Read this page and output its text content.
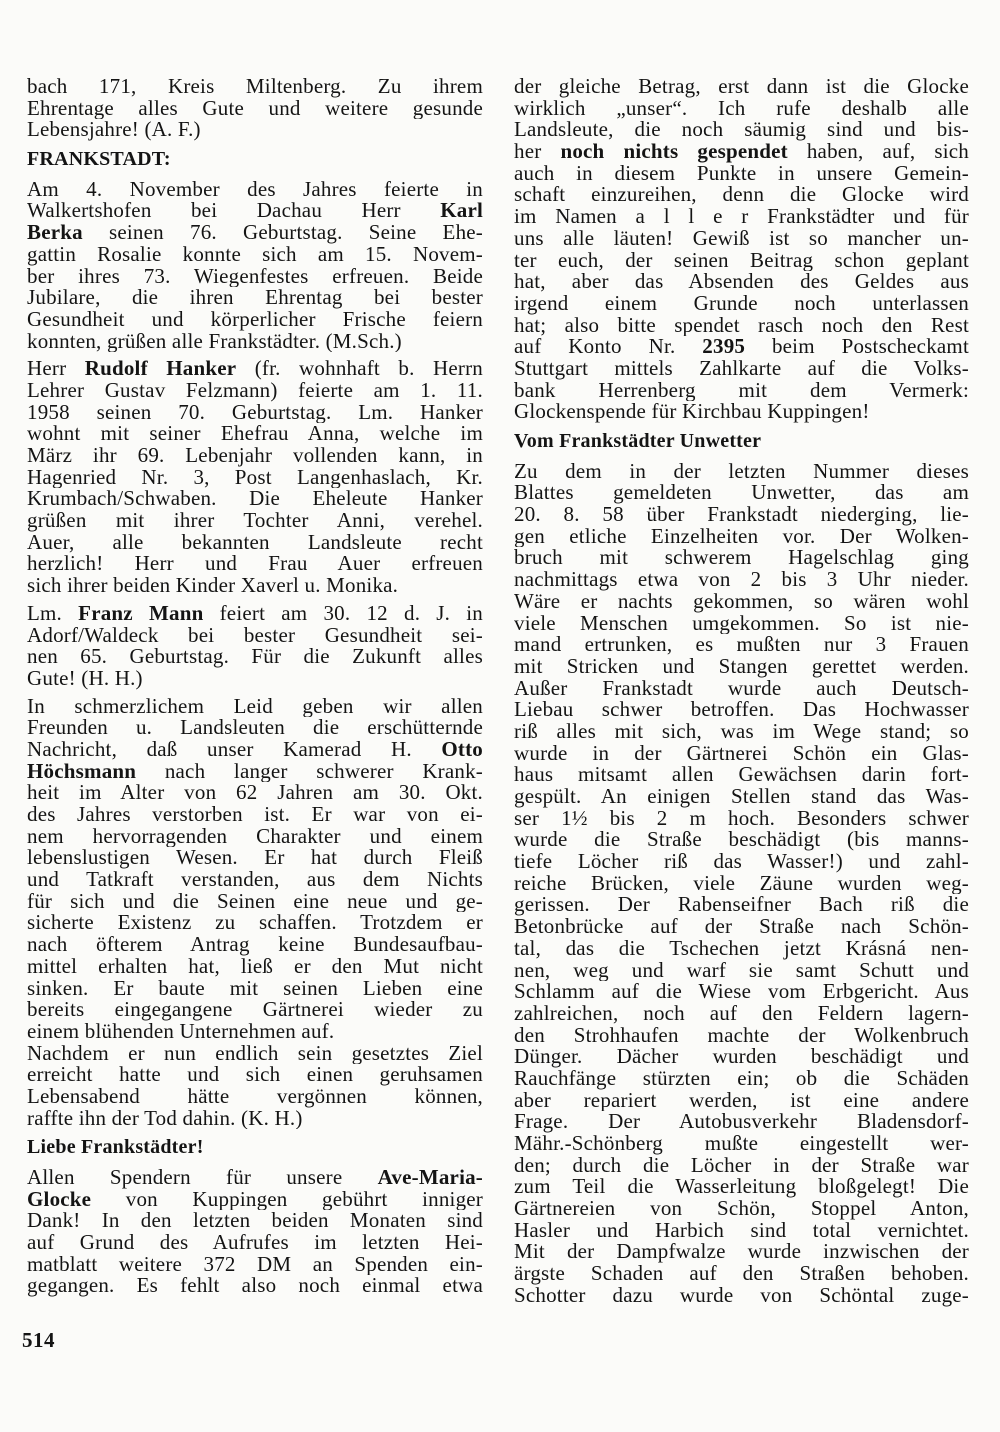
bach 171, Kreis Miltenberg. Zu ihrem
Ehrentage alles Gute und weitere gesunde
Lebensjahre! (A. F.)
FRANKSTADT:
Am 4. November des Jahres feierte in
Walkertshofen bei Dachau Herr Karl
Berka seinen 76. Geburtstag. Seine Ehe-
gattin Rosalie konnte sich am 15. Novem-
ber ihres 73. Wiegenfestes erfreuen. Beide
Jubilare, die ihren Ehrentag bei bester
Gesundheit und körperlicher Frische feiern
konnten, grüßen alle Frankstädter. (M.Sch.)
Herr Rudolf Hanker (fr. wohnhaft b. Herrn
Lehrer Gustav Felzmann) feierte am 1. 11.
1958 seinen 70. Geburtstag. Lm. Hanker
wohnt mit seiner Ehefrau Anna, welche im
März ihr 69. Lebenjahr vollenden kann, in
Hagenried Nr. 3, Post Langenhaslach, Kr.
Krumbach/Schwaben. Die Eheleute Hanker
grüßen mit ihrer Tochter Anni, verehel.
Auer, alle bekannten Landsleute recht
herzlich! Herr und Frau Auer erfreuen
sich ihrer beiden Kinder Xaverl u. Monika.
Lm. Franz Mann feiert am 30. 12 d. J. in
Adorf/Waldeck bei bester Gesundheit sei-
nen 65. Geburtstag. Für die Zukunft alles
Gute! (H. H.)
In schmerzlichem Leid geben wir allen
Freunden u. Landsleuten die erschütternde
Nachricht, daß unser Kamerad H. Otto
Höchsmann nach langer schwerer Krank-
heit im Alter von 62 Jahren am 30. Okt.
des Jahres verstorben ist. Er war von ei-
nem hervorragenden Charakter und einem
lebenslustigen Wesen. Er hat durch Fleiß
und Tatkraft verstanden, aus dem Nichts
für sich und die Seinen eine neue und ge-
sicherte Existenz zu schaffen. Trotzdem er
nach öfterem Antrag keine Bundesaufbau-
mittel erhalten hat, ließ er den Mut nicht
sinken. Er baute mit seinen Lieben eine
bereits eingegangene Gärtnerei wieder zu
einem blühenden Unternehmen auf.
Nachdem er nun endlich sein gesetztes Ziel
erreicht hatte und sich einen geruhsamen
Lebensabend hätte vergönnen können,
raffte ihn der Tod dahin. (K. H.)
Liebe Frankstädter!
Allen Spendern für unsere Ave-Maria-
Glocke von Kuppingen gebührt inniger
Dank! In den letzten beiden Monaten sind
auf Grund des Aufrufes im letzten Hei-
matblatt weitere 372 DM an Spenden ein-
gegangen. Es fehlt also noch einmal etwa
der gleiche Betrag, erst dann ist die Glocke
wirklich „unser“. Ich rufe deshalb alle
Landsleute, die noch säumig sind und bis-
her noch nichts gespendet haben, auf, sich
auch in diesem Punkte in unsere Gemein-
schaft einzureihen, denn die Glocke wird
im Namen a l l e r Frankstädter und für
uns alle läuten! Gewiß ist so mancher un-
ter euch, der seinen Beitrag schon geplant
hat, aber das Absenden des Geldes aus
irgend einem Grunde noch unterlassen
hat; also bitte spendet rasch noch den Rest
auf Konto Nr. 2395 beim Postscheckamt
Stuttgart mittels Zahlkarte auf die Volks-
bank Herrenberg mit dem Vermerk:
Glockenspende für Kirchbau Kuppingen!
Vom Frankstädter Unwetter
Zu dem in der letzten Nummer dieses
Blattes gemeldeten Unwetter, das am
20. 8. 58 über Frankstadt niederging, lie-
gen etliche Einzelheiten vor. Der Wolken-
bruch mit schwerem Hagelschlag ging
nachmittags etwa von 2 bis 3 Uhr nieder.
Wäre er nachts gekommen, so wären wohl
viele Menschen umgekommen. So ist nie-
mand ertrunken, es mußten nur 3 Frauen
mit Stricken und Stangen gerettet werden.
Außer Frankstadt wurde auch Deutsch-
Liebau schwer betroffen. Das Hochwasser
riß alles mit sich, was im Wege stand; so
wurde in der Gärtnerei Schön ein Glas-
haus mitsamt allen Gewächsen darin fort-
gespült. An einigen Stellen stand das Was-
ser 1½ bis 2 m hoch. Besonders schwer
wurde die Straße beschädigt (bis manns-
tiefe Löcher riß das Wasser!) und zahl-
reiche Brücken, viele Zäune wurden weg-
gerissen. Der Rabenseifner Bach riß die
Betonbrücke auf der Straße nach Schön-
tal, das die Tschechen jetzt Krásná nen-
nen, weg und warf sie samt Schutt und
Schlamm auf die Wiese vom Erbgericht. Aus
zahlreichen, noch auf den Feldern lagern-
den Strohhaufen machte der Wolkenbruch
Dünger. Dächer wurden beschädigt und
Rauchfänge stürzten ein; ob die Schäden
aber repariert werden, ist eine andere
Frage. Der Autobusverkehr Bladensdorf-
Mähr.-Schönberg mußte eingestellt wer-
den; durch die Löcher in der Straße war
zum Teil die Wasserleitung bloßgelegt! Die
Gärtnereien von Schön, Stoppel Anton,
Hasler und Harbich sind total vernichtet.
Mit der Dampfwalze wurde inzwischen der
ärgste Schaden auf den Straßen behoben.
Schotter dazu wurde von Schöntal zuge-
514
